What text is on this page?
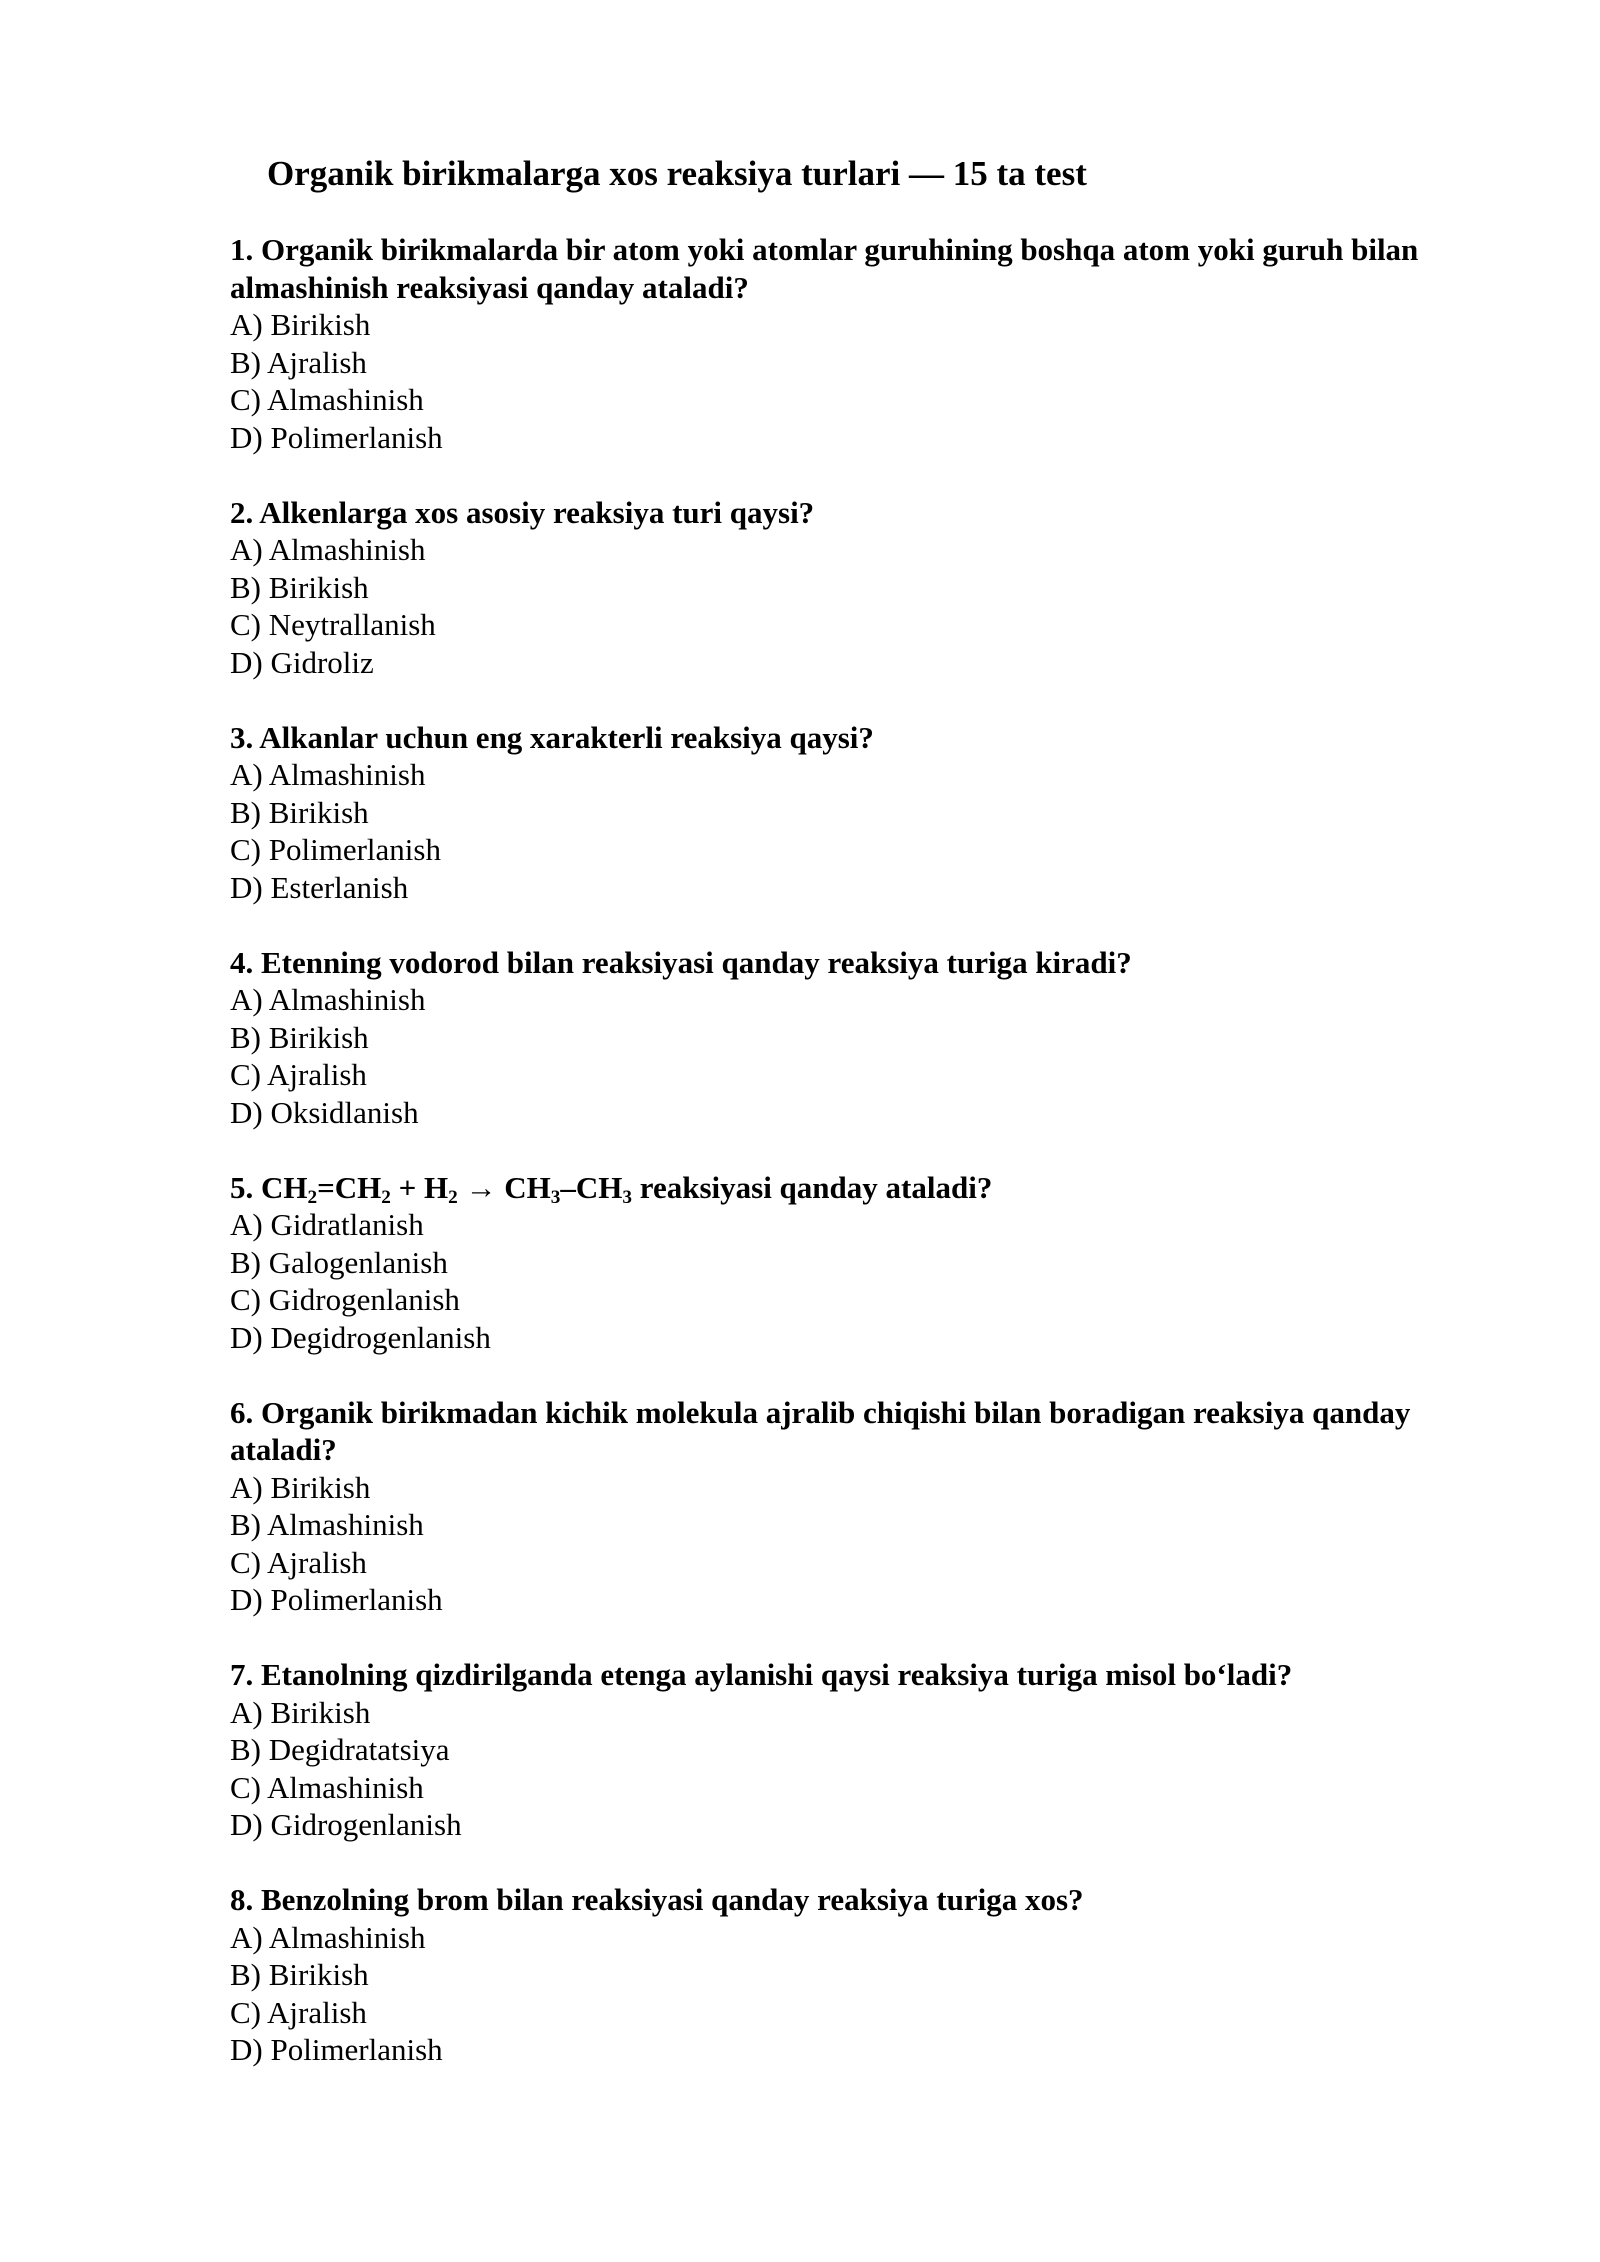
Organik birikmalarga xos reaksiya turlari — 15 ta test

1. Organik birikmalarda bir atom yoki atomlar guruhining boshqa atom yoki guruh bilan almashinish reaksiyasi qanday ataladi?

A) Birikish
B) Ajralish
C) Almashinish
D) Polimerlanish

2. Alkenlarga xos asosiy reaksiya turi qaysi?

A) Almashinish
B) Birikish
C) Neytrallanish
D) Gidroliz

3. Alkanlar uchun eng xarakterli reaksiya qaysi?

A) Almashinish
B) Birikish
C) Polimerlanish
D) Esterlanish

4. Etenning vodorod bilan reaksiyasi qanday reaksiya turiga kiradi?

A) Almashinish
B) Birikish
C) Ajralish
D) Oksidlanish

5. $CH_2=CH_2 + H_2 \to CH_3-CH_3$ reaksiyasi qanday ataladi?

A) Gidratlanish
B) Galogenlanish
C) Gidrogenlanish
D) Degidrogenlanish

6. Organik birikmadan kichik molekula ajralib chiqishi bilan boradigan reaksiya qanday ataladi?

A) Birikish
B) Almashinish
C) Ajralish
D) Polimerlanish

7. Etanolning qizdirilganda etenga aylanishi qaysi reaksiya turiga misol bo‘ladi?

A) Birikish
B) Degidratatsiya
C) Almashinish
D) Gidrogenlanish

8. Benzolning brom bilan reaksiyasi qanday reaksiya turiga xos?

A) Almashinish
B) Birikish
C) Ajralish
D) Polimerlanish
